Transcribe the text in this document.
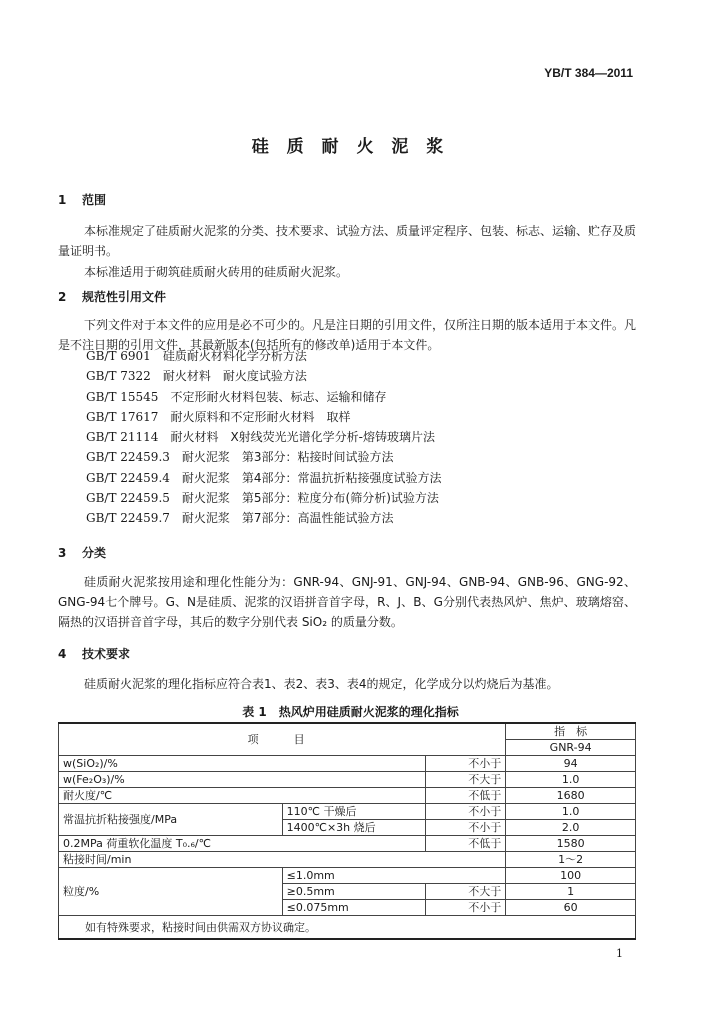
YB/T 384—2011
硅 质 耐 火 泥 浆
1 范围
本标准规定了硅质耐火泥浆的分类、技术要求、试验方法、质量评定程序、包装、标志、运输、贮存及质量证明书。
本标准适用于砌筑硅质耐火砖用的硅质耐火泥浆。
2 规范性引用文件
下列文件对于本文件的应用是必不可少的。凡是注日期的引用文件，仅所注日期的版本适用于本文件。凡是不注日期的引用文件，其最新版本(包括所有的修改单)适用于本文件。
GB/T 6901 硅质耐火材料化学分析方法
GB/T 7322 耐火材料　耐火度试验方法
GB/T 15545 不定形耐火材料包装、标志、运输和储存
GB/T 17617 耐火原料和不定形耐火材料　取样
GB/T 21114 耐火材料　X射线荧光光谱化学分析-熔铸玻璃片法
GB/T 22459.3 耐火泥浆　第3部分：粘接时间试验方法
GB/T 22459.4 耐火泥浆　第4部分：常温抗折粘接强度试验方法
GB/T 22459.5 耐火泥浆　第5部分：粒度分布(筛分析)试验方法
GB/T 22459.7 耐火泥浆　第7部分：高温性能试验方法
3 分类
硅质耐火泥浆按用途和理化性能分为：GNR-94、GNJ-91、GNJ-94、GNB-94、GNB-96、GNG-92、GNG-94七个牌号。G、N是硅质、泥浆的汉语拼音首字母，R、J、B、G分别代表热风炉、焦炉、玻璃熔窑、隔热的汉语拼音首字母，其后的数字分别代表 SiO₂ 的质量分数。
4 技术要求
硅质耐火泥浆的理化指标应符合表1、表2、表3、表4的规定，化学成分以灼烧后为基准。
表 1　热风炉用硅质耐火泥浆的理化指标
项　目			指　标
			GNR-94
w(SiO₂)/%		不小于	94
w(Fe₂O₃)/%		不大于	1.0
耐火度/℃		不低于	1680
常温抗折粘接强度/MPa	110℃ 干燥后	不小于	1.0
	1400℃×3h 烧后	不小于	2.0
0.2MPa 荷重软化温度 T₀.₆/℃		不低于	1580
粘接时间/min			1～2
粒度/%	≤1.0mm		100
	≥0.5mm	不大于	1
	≤0.075mm	不小于	60
如有特殊要求，粘接时间由供需双方协议确定。			
1
